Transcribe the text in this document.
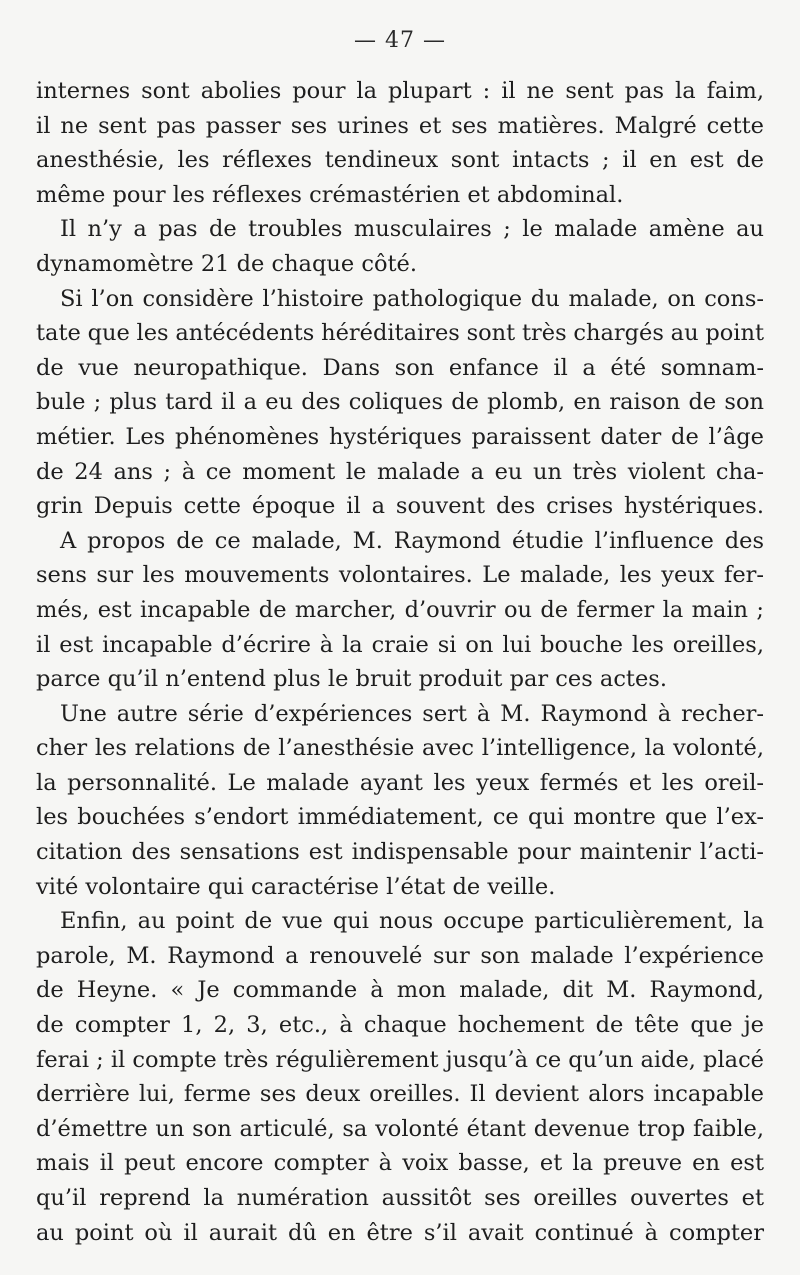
— 47 —
internes sont abolies pour la plupart : il ne sent pas la faim,
il ne sent pas passer ses urines et ses matières. Malgré cette
anesthésie, les réflexes tendineux sont intacts ; il en est de
même pour les réflexes crémastérien et abdominal.
Il n’y a pas de troubles musculaires ; le malade amène au
dynamomètre 21 de chaque côté.
Si l’on considère l’histoire pathologique du malade, on cons-
tate que les antécédents héréditaires sont très chargés au point
de vue neuropathique. Dans son enfance il a été somnam-
bule ; plus tard il a eu des coliques de plomb, en raison de son
métier. Les phénomènes hystériques paraissent dater de l’âge
de 24 ans ; à ce moment le malade a eu un très violent cha-
grin Depuis cette époque il a souvent des crises hystériques.
A propos de ce malade, M. Raymond étudie l’influence des
sens sur les mouvements volontaires. Le malade, les yeux fer-
més, est incapable de marcher, d’ouvrir ou de fermer la main ;
il est incapable d’écrire à la craie si on lui bouche les oreilles,
parce qu’il n’entend plus le bruit produit par ces actes.
Une autre série d’expériences sert à M. Raymond à recher-
cher les relations de l’anesthésie avec l’intelligence, la volonté,
la personnalité. Le malade ayant les yeux fermés et les oreil-
les bouchées s’endort immédiatement, ce qui montre que l’ex-
citation des sensations est indispensable pour maintenir l’acti-
vité volontaire qui caractérise l’état de veille.
Enfin, au point de vue qui nous occupe particulièrement, la
parole, M. Raymond a renouvelé sur son malade l’expérience
de Heyne. « Je commande à mon malade, dit M. Raymond,
de compter 1, 2, 3, etc., à chaque hochement de tête que je
ferai ; il compte très régulièrement jusqu’à ce qu’un aide, placé
derrière lui, ferme ses deux oreilles. Il devient alors incapable
d’émettre un son articulé, sa volonté étant devenue trop faible,
mais il peut encore compter à voix basse, et la preuve en est
qu’il reprend la numération aussitôt ses oreilles ouvertes et
au point où il aurait dû en être s’il avait continué à compter
